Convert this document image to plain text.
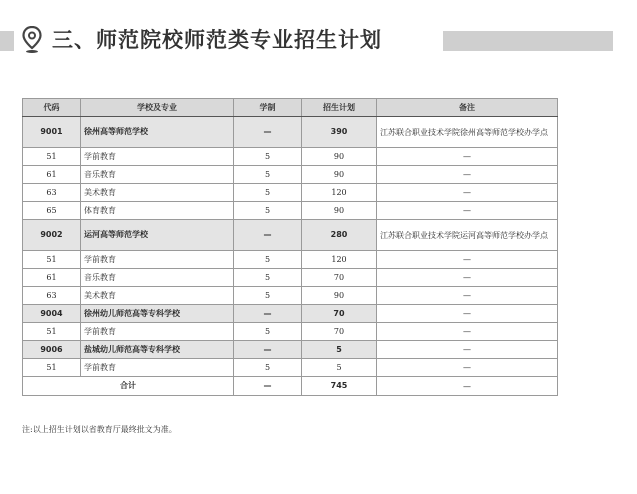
三、师范院校师范类专业招生计划
代码	学校及专业	学制	招生计划	备注
9001	徐州高等师范学校	—	390	江苏联合职业技术学院徐州高等师范学校办学点
51	学前教育	5	90	—
61	音乐教育	5	90	—
63	美术教育	5	120	—
65	体育教育	5	90	—
9002	运河高等师范学校	—	280	江苏联合职业技术学院运河高等师范学校办学点
51	学前教育	5	120	—
61	音乐教育	5	70	—
63	美术教育	5	90	—
9004	徐州幼儿师范高等专科学校	—	70	—
51	学前教育	5	70	—
9006	盐城幼儿师范高等专科学校	—	5	—
51	学前教育	5	5	—
合计		—	745	—
注:以上招生计划以省教育厅最终批文为准。
